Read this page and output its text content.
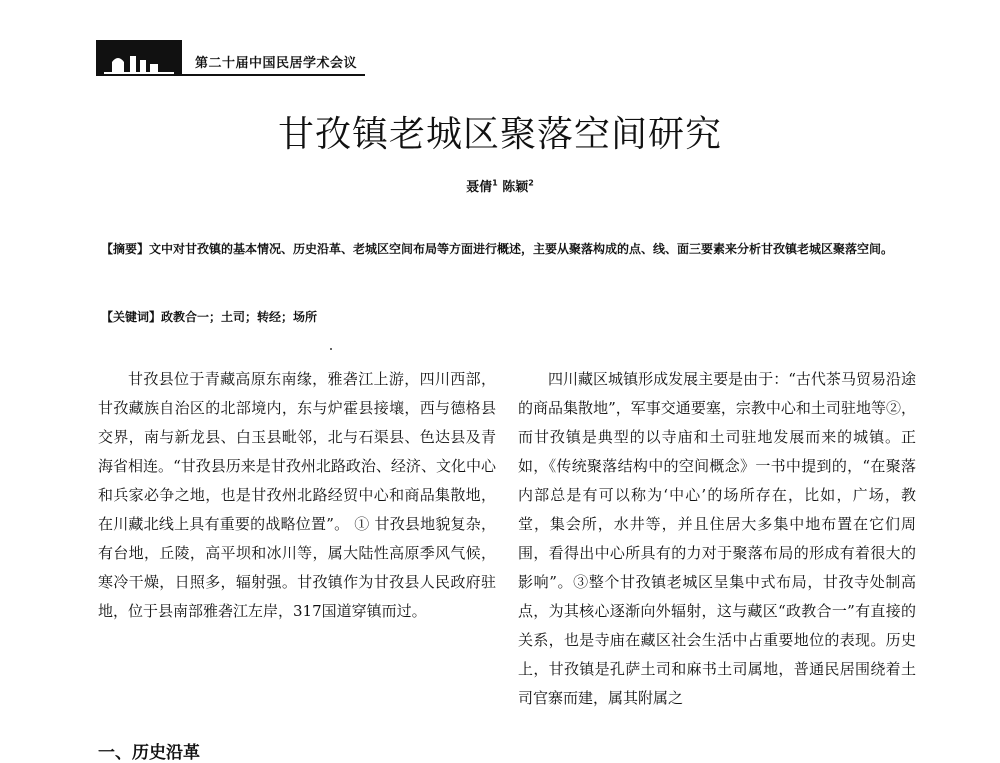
第二十届中国民居学术会议
甘孜镇老城区聚落空间研究
聂倩$^1$ 陈颖$^2$
【摘要】文中对甘孜镇的基本情况、历史沿革、老城区空间布局等方面进行概述，主要从聚落构成的点、线、面三要素来分析甘孜镇老城区聚落空间。
【关键词】政教合一；土司；转经；场所

甘孜县位于青藏高原东南缘，雅砻江上游，四川西部，甘孜藏族自治区的北部境内，东与炉霍县接壤，西与德格县交界，南与新龙县、白玉县毗邻，北与石渠县、色达县及青海省相连。“甘孜县历来是甘孜州北路政治、经济、文化中心和兵家必争之地，也是甘孜州北路经贸中心和商品集散地，在川藏北线上具有重要的战略位置”。 ① 甘孜县地貌复杂，有台地，丘陵，高平坝和冰川等，属大陆性高原季风气候，寒冷干燥，日照多，辐射强。甘孜镇作为甘孜县人民政府驻地，位于县南部雅砻江左岸，317国道穿镇而过。

四川藏区城镇形成发展主要是由于：“古代茶马贸易沿途的商品集散地”，军事交通要塞，宗教中心和土司驻地等②，而甘孜镇是典型的以寺庙和土司驻地发展而来的城镇。正如，《传统聚落结构中的空间概念》一书中提到的，“在聚落内部总是有可以称为‘中心’的场所存在，比如，广场，教堂，集会所，水井等，并且住居大多集中地布置在它们周围，看得出中心所具有的力对于聚落布局的形成有着很大的影响”。③整个甘孜镇老城区呈集中式布局，甘孜寺处制高点，为其核心逐渐向外辐射，这与藏区“政教合一”有直接的关系，也是寺庙在藏区社会生活中占重要地位的表现。历史上，甘孜镇是孔萨土司和麻书土司属地，普通民居围绕着土司官寨而建，属其附属之

一、历史沿革
